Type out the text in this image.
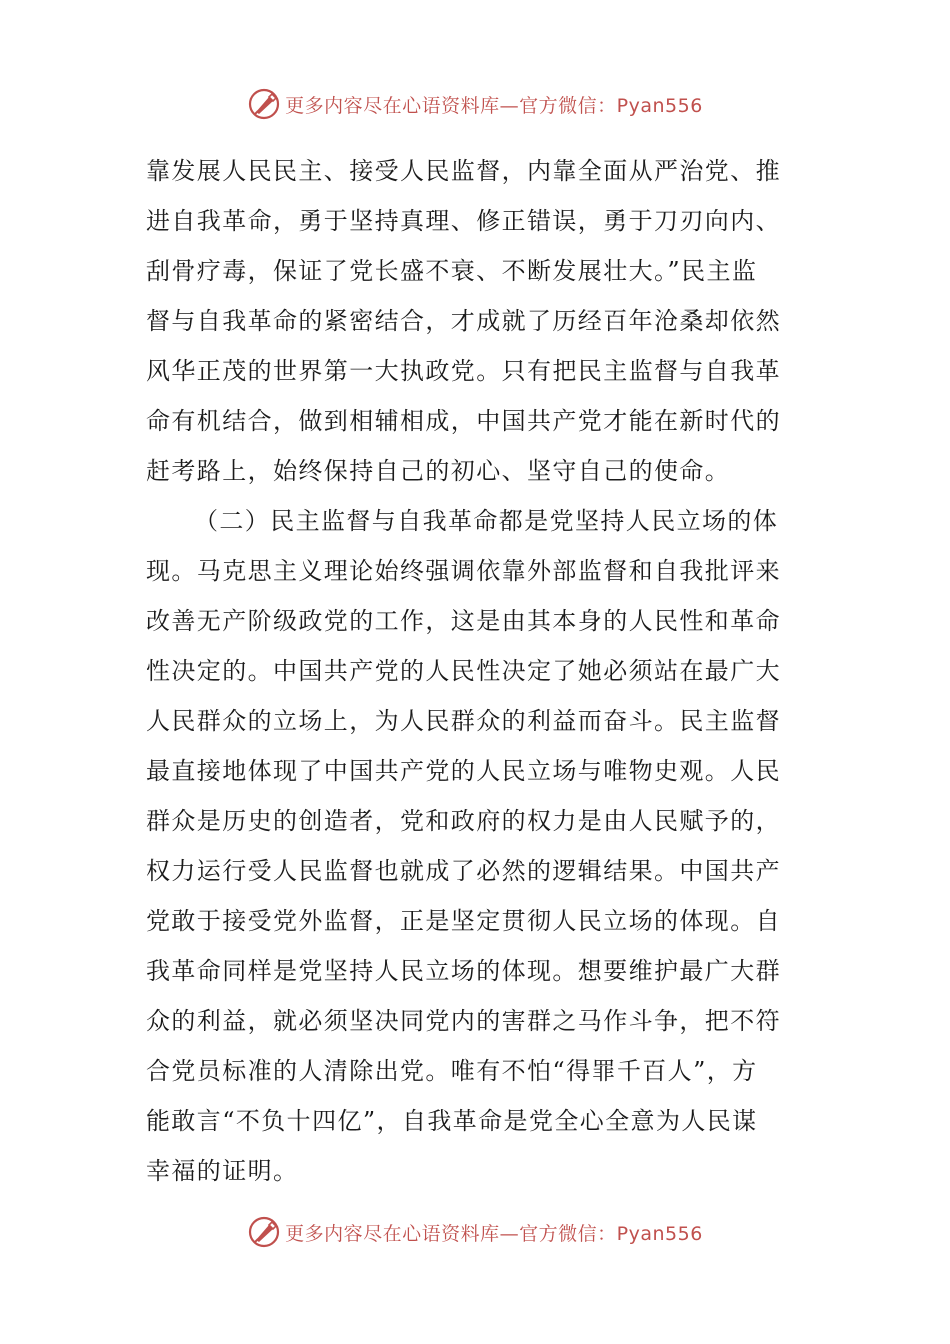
更多内容尽在心语资料库—官方微信：Pyan556
靠发展人民民主、接受人民监督，内靠全面从严治党、推
进自我革命，勇于坚持真理、修正错误，勇于刀刃向内、
刮骨疗毒，保证了党长盛不衰、不断发展壮大。”民主监
督与自我革命的紧密结合，才成就了历经百年沧桑却依然
风华正茂的世界第一大执政党。只有把民主监督与自我革
命有机结合，做到相辅相成，中国共产党才能在新时代的
赶考路上，始终保持自己的初心、坚守自己的使命。
（二）民主监督与自我革命都是党坚持人民立场的体
现。马克思主义理论始终强调依靠外部监督和自我批评来
改善无产阶级政党的工作，这是由其本身的人民性和革命
性决定的。中国共产党的人民性决定了她必须站在最广大
人民群众的立场上，为人民群众的利益而奋斗。民主监督
最直接地体现了中国共产党的人民立场与唯物史观。人民
群众是历史的创造者，党和政府的权力是由人民赋予的，
权力运行受人民监督也就成了必然的逻辑结果。中国共产
党敢于接受党外监督，正是坚定贯彻人民立场的体现。自
我革命同样是党坚持人民立场的体现。想要维护最广大群
众的利益，就必须坚决同党内的害群之马作斗争，把不符
合党员标准的人清除出党。唯有不怕“得罪千百人”，方
能敢言“不负十四亿”，自我革命是党全心全意为人民谋
幸福的证明。
更多内容尽在心语资料库—官方微信：Pyan556
